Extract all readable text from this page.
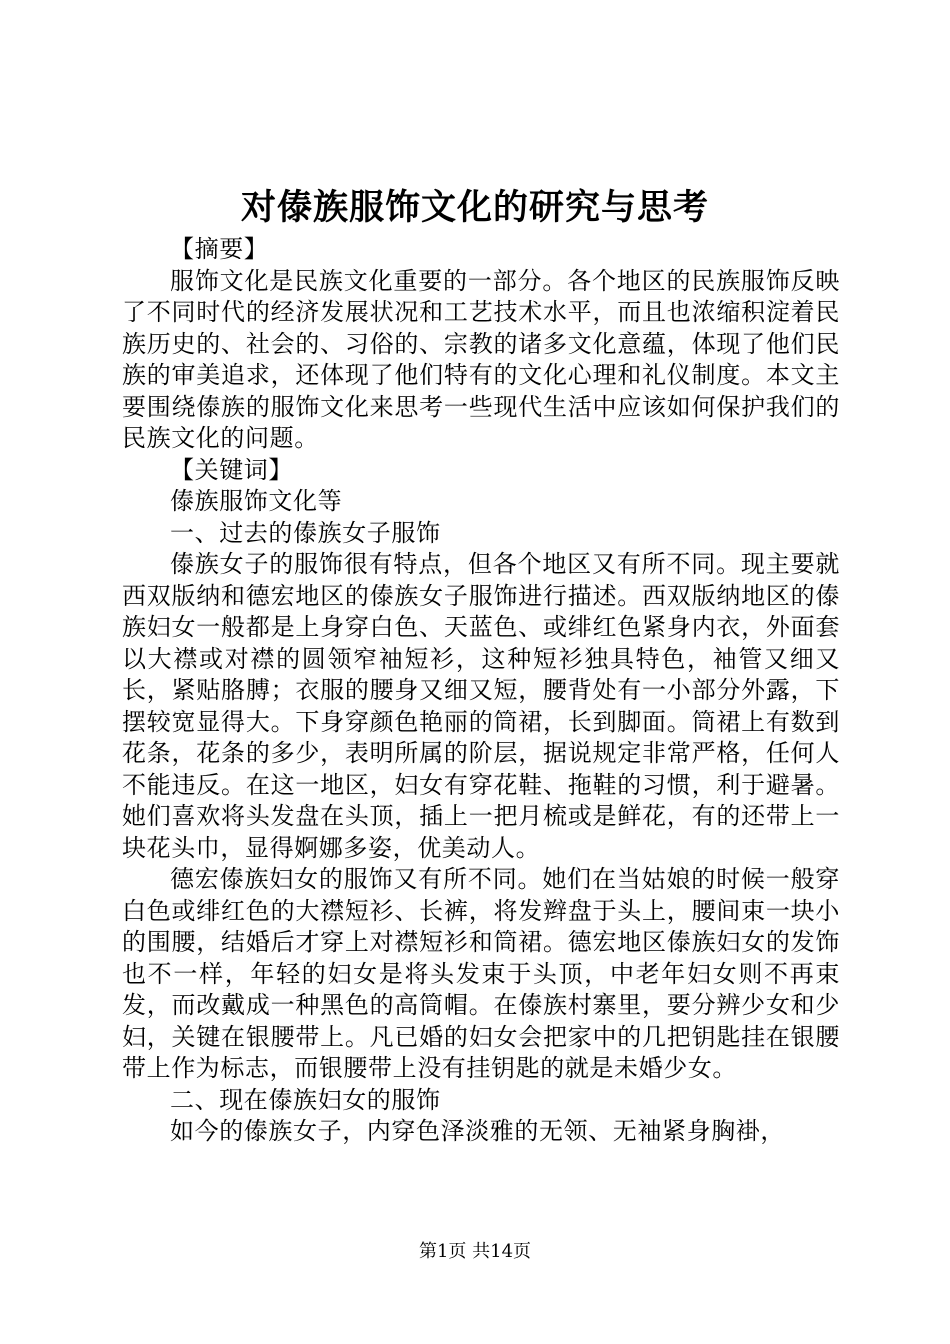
对傣族服饰文化的研究与思考

【摘要】

服饰文化是民族文化重要的一部分。各个地区的民族服饰反映了不同时代的经济发展状况和工艺技术水平，而且也浓缩积淀着民族历史的、社会的、习俗的、宗教的诸多文化意蕴，体现了他们民族的审美追求，还体现了他们特有的文化心理和礼仪制度。本文主要围绕傣族的服饰文化来思考一些现代生活中应该如何保护我们的民族文化的问题。

【关键词】

傣族服饰文化等

一、过去的傣族女子服饰

傣族女子的服饰很有特点，但各个地区又有所不同。现主要就西双版纳和德宏地区的傣族女子服饰进行描述。西双版纳地区的傣族妇女一般都是上身穿白色、天蓝色、或绯红色紧身内衣，外面套以大襟或对襟的圆领窄袖短衫，这种短衫独具特色，袖管又细又长，紧贴胳膊；衣服的腰身又细又短，腰背处有一小部分外露，下摆较宽显得大。下身穿颜色艳丽的筒裙，长到脚面。筒裙上有数到花条，花条的多少，表明所属的阶层，据说规定非常严格，任何人不能违反。在这一地区，妇女有穿花鞋、拖鞋的习惯，利于避暑。她们喜欢将头发盘在头顶，插上一把月梳或是鲜花，有的还带上一块花头巾，显得婀娜多姿，优美动人。

德宏傣族妇女的服饰又有所不同。她们在当姑娘的时候一般穿白色或绯红色的大襟短衫、长裤，将发辫盘于头上，腰间束一块小的围腰，结婚后才穿上对襟短衫和筒裙。德宏地区傣族妇女的发饰也不一样，年轻的妇女是将头发束于头顶，中老年妇女则不再束发，而改戴成一种黑色的高筒帽。在傣族村寨里，要分辨少女和少妇，关键在银腰带上。凡已婚的妇女会把家中的几把钥匙挂在银腰带上作为标志，而银腰带上没有挂钥匙的就是未婚少女。

二、现在傣族妇女的服饰

如今的傣族女子，内穿色泽淡雅的无领、无袖紧身胸褂，

第1页 共14页
